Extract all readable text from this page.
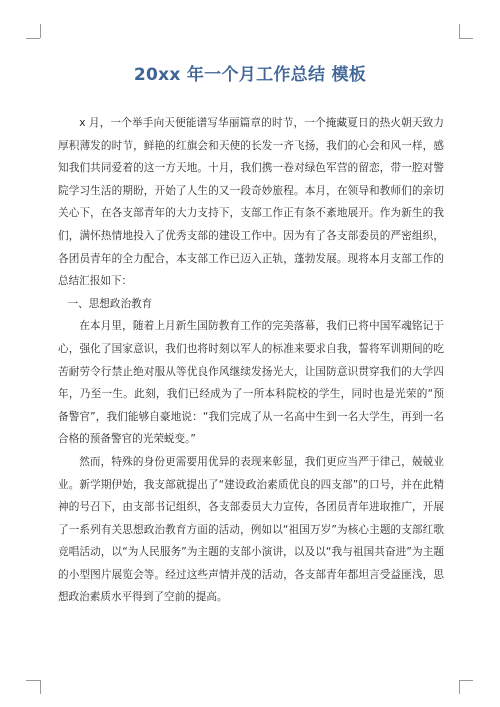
20xx 年一个月工作总结 模板

x 月，一个举手向天便能谱写华丽篇章的时节，一个掩藏夏日的热火朝天致力厚积薄发的时节，鲜艳的红旗会和天使的长发一齐飞扬，我们的心会和风一样，感知我们共同爱着的这一方天地。十月，我们携一卷对绿色军营的留恋，带一腔对警院学习生活的期盼，开始了人生的又一段奇妙旅程。本月，在领导和教师们的亲切关心下，在各支部青年的大力支持下，支部工作正有条不紊地展开。作为新生的我们，满怀热情地投入了优秀支部的建设工作中。因为有了各支部委员的严密组织，各团员青年的全力配合，本支部工作已迈入正轨，蓬勃发展。现将本月支部工作的总结汇报如下：

一、思想政治教育

在本月里，随着上月新生国防教育工作的完美落幕，我们已将中国军魂铭记于心，强化了国家意识，我们也将时刻以军人的标准来要求自我，誓将军训期间的吃苦耐劳令行禁止绝对服从等优良作风继续发扬光大，让国防意识贯穿我们的大学四年，乃至一生。此刻，我们已经成为了一所本科院校的学生，同时也是光荣的“预备警官”，我们能够自豪地说：“我们完成了从一名高中生到一名大学生，再到一名合格的预备警官的光荣蜕变。”

然而，特殊的身份更需要用优异的表现来彰显，我们更应当严于律己，兢兢业业。新学期伊始，我支部就提出了“建设政治素质优良的四支部”的口号，并在此精神的号召下，由支部书记组织，各支部委员大力宣传，各团员青年进取推广，开展了一系列有关思想政治教育方面的活动，例如以“祖国万岁”为核心主题的支部红歌竞唱活动，以“为人民服务”为主题的支部小演讲，以及以“我与祖国共奋进”为主题的小型图片展览会等。经过这些声情并茂的活动，各支部青年都坦言受益匪浅，思想政治素质水平得到了空前的提高。
